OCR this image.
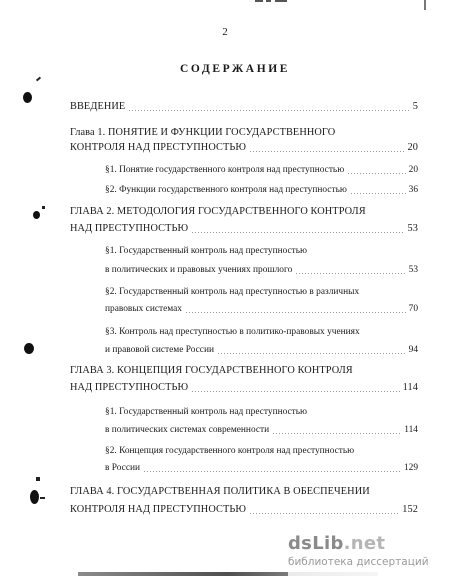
2
СОДЕРЖАНИЕ
ВВЕДЕНИЕ	5
Глава 1. ПОНЯТИЕ И ФУНКЦИИ ГОСУДАРСТВЕННОГО
КОНТРОЛЯ НАД ПРЕСТУПНОСТЬЮ	20
§1. Понятие государственного контроля над преступностью	20
§2. Функции государственного контроля над преступностью	36
ГЛАВА 2. МЕТОДОЛОГИЯ ГОСУДАРСТВЕННОГО КОНТРОЛЯ
НАД ПРЕСТУПНОСТЬЮ	53
§1. Государственный контроль над преступностью
в политических и правовых учениях прошлого	53
§2. Государственный контроль над преступностью в различных
правовых системах	70
§3. Контроль над преступностью в политико-правовых учениях
и правовой системе России	94
ГЛАВА 3. КОНЦЕПЦИЯ ГОСУДАРСТВЕННОГО КОНТРОЛЯ
НАД ПРЕСТУПНОСТЬЮ	114
§1. Государственный контроль над преступностью
в политических системах современности	114
§2. Концепция государственного контроля над преступностью
в России	129
ГЛАВА 4. ГОСУДАРСТВЕННАЯ ПОЛИТИКА В ОБЕСПЕЧЕНИИ
КОНТРОЛЯ НАД ПРЕСТУПНОСТЬЮ	152
dsLib.net
библиотека диссертаций
